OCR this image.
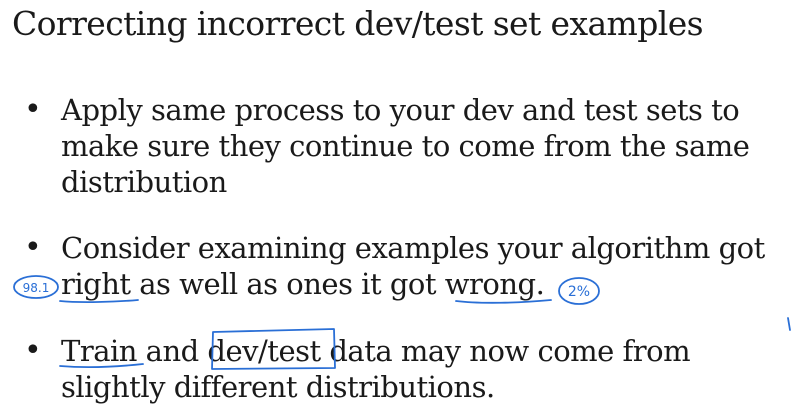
Correcting incorrect dev/test set examples
• Apply same process to your dev and test sets to
make sure they continue to come from the same
distribution
• Consider examining examples your algorithm got
right as well as ones it got wrong.
• Train and dev/test data may now come from
slightly different distributions.
98.1	2%
